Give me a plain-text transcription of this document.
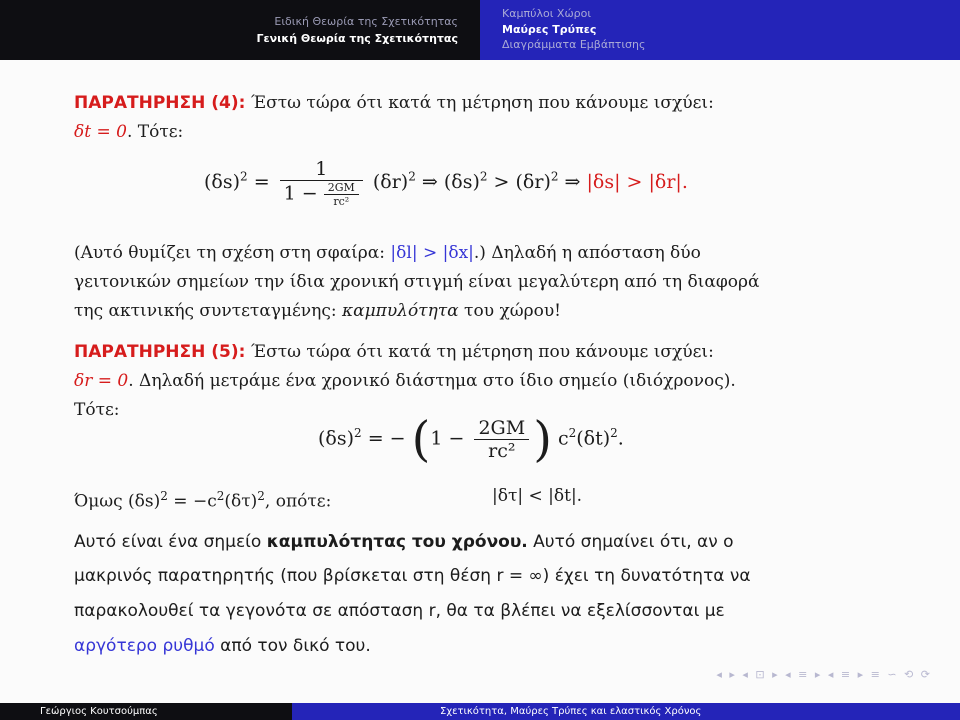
Ειδική Θεωρία της Σχετικότητας
Γενική Θεωρία της Σχετικότητας
Καμπύλοι Χώροι
Μαύρες Τρύπες
Διαγράμματα Εμβάπτισης
ΠΑΡΑΤΗΡΗΣΗ (4): Έστω τώρα ότι κατά τη μέτρηση που κάνουμε ισχύει:
δt = 0. Τότε:
$(\delta s)^2 = \frac{1}{1 - \frac{2GM}{\text{rc²}}} (\delta r)^2$ ⇒ $(\delta s)^2 > (\delta r)^2$ ⇒ |δs| > |δr|.
(Αυτό θυμίζει τη σχέση στη σφαίρα: |δl| > |δx|.) Δηλαδή η απόσταση δύο
γειτονικών σημείων την ίδια χρονική στιγμή είναι μεγαλύτερη από τη διαφορά
της ακτινικής συντεταγμένης: καμπυλότητα του χώρου!
ΠΑΡΑΤΗΡΗΣΗ (5): Έστω τώρα ότι κατά τη μέτρηση που κάνουμε ισχύει:
δr = 0. Δηλαδή μετράμε ένα χρονικό διάστημα στο ίδιο σημείο (ιδιόχρονος).
Τότε:
$(\delta s)^2$ = − ($1 - \frac{2GM}{\text{rc²}}$ ) $c^2(\delta t)^2$.
Όμως $(\delta s)^2 = -c^2(\delta\tau)^2$, οπότε:	|δτ| < |δt|.
Αυτό είναι ένα σημείο καμπυλότητας του χρόνου. Αυτό σημαίνει ότι, αν ο
μακρινός παρατηρητής (που βρίσκεται στη θέση r = ∞) έχει τη δυνατότητα να
παρακολουθεί τα γεγονότα σε απόσταση r, θα τα βλέπει να εξελίσσονται με
αργότερο ρυθμό από τον δικό του.
◂ ▸ ◂ ⊡ ▸ ◂ ≡ ▸ ◂ ≡ ▸ ≡ ∽ ⟲ ⟳
Γεώργιος Κουτσούμπας	Σχετικότητα, Μαύρες Τρύπες και ελαστικός Χρόνος
